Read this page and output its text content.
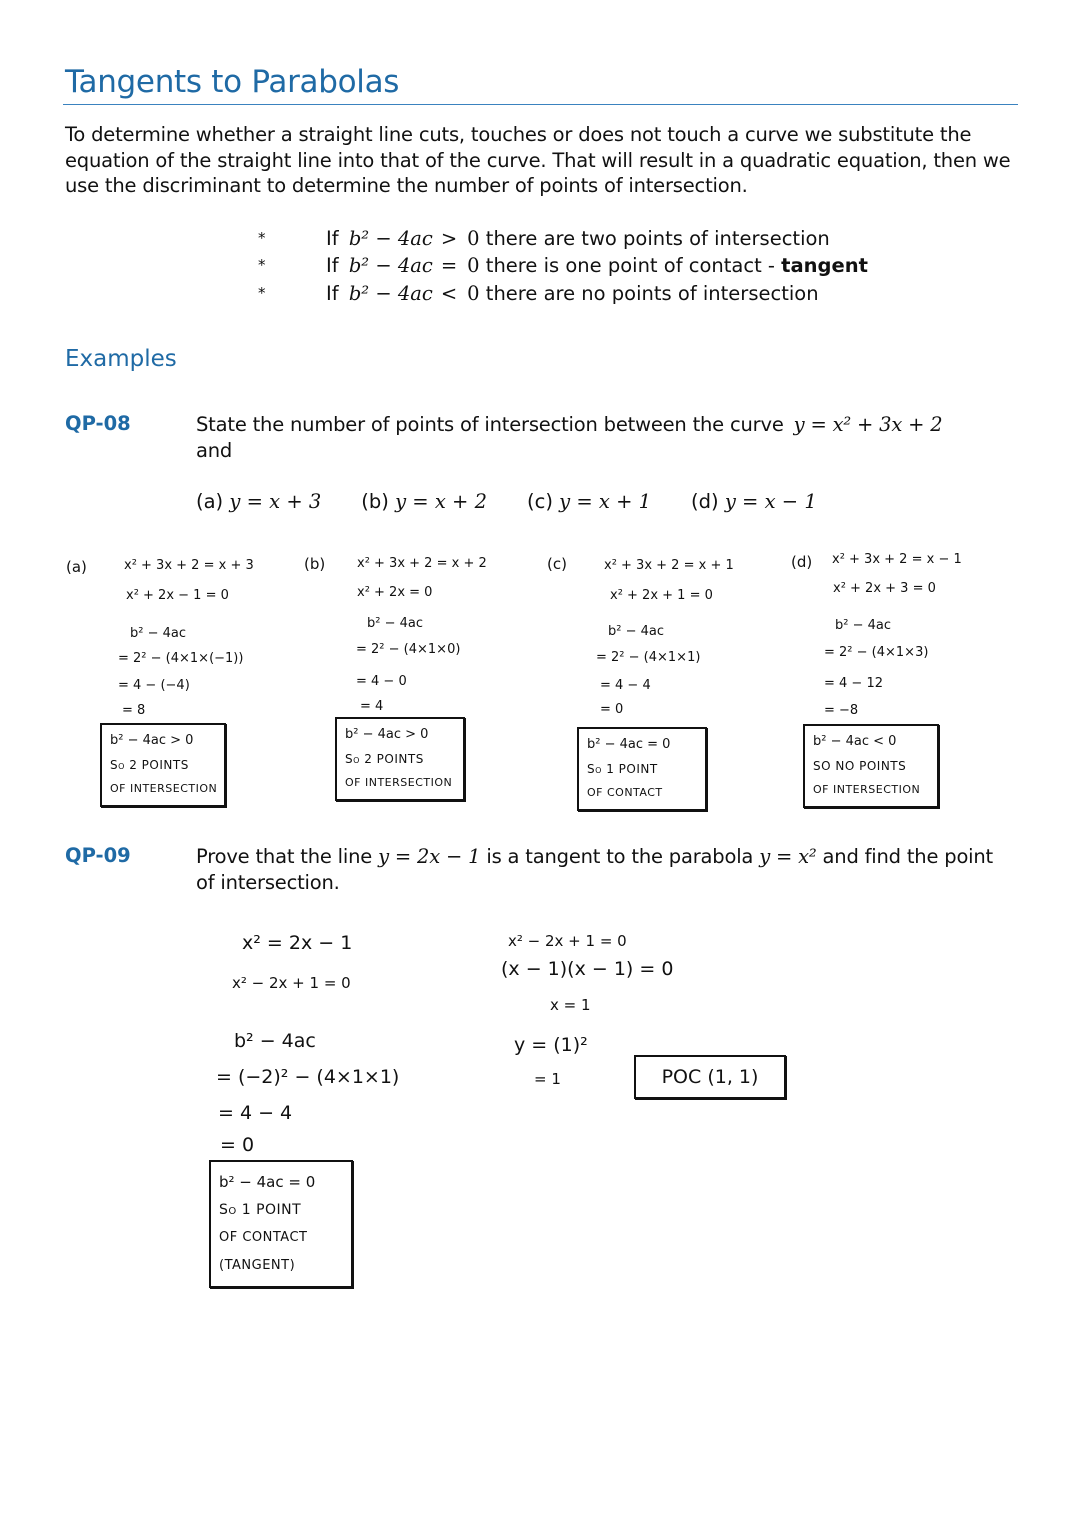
Tangents to Parabolas
To determine whether a straight line cuts, touches or does not touch a curve we substitute the equation of the straight line into that of the curve. That will result in a quadratic equation, then we use the discriminant to determine the number of points of intersection.
*	If b² − 4ac > 0 there are two points of intersection
*	If b² − 4ac = 0 there is one point of contact - tangent
*	If b² − 4ac < 0 there are no points of intersection
Examples
QP-08	State the number of points of intersection between the curve y = x² + 3x + 2
and
(a) y = x + 3 (b) y = x + 2 (c) y = x + 1 (d) y = x − 1
(a)	x² + 3x + 2 = x + 3
x² + 2x − 1 = 0
b² − 4ac
= 2² − (4×1×(−1))
= 4 − (−4)
= 8
b² − 4ac > 0
So 2 POINTS
OF INTERSECTION
(b) x² + 3x + 2 = x + 2	(c)
x² + 2x = 0
b² − 4ac
= 2² − (4×1×0)
= 4 − 0
= 4
b² − 4ac > 0
So 2 POINTS
OF INTERSECTION
x² + 3x + 2 = x + 1
x² + 2x + 1 = 0
b² − 4ac
= 2² − (4×1×1)
= 4 − 4
= 0
b² − 4ac = 0
So 1 POINT
OF CONTACT
(d) x² + 3x + 2 = x − 1
x² + 2x + 3 = 0
b² − 4ac
= 2² − (4×1×3)
= 4 − 12
= −8
b² − 4ac < 0
SO NO POINTS
OF INTERSECTION
QP-09	Prove that the line y = 2x − 1 is a tangent to the parabola y = x² and find the point of intersection.
x² = 2x − 1
x² − 2x + 1 = 0
b² − 4ac
= (−2)² − (4×1×1)
= 4 − 4
= 0
b² − 4ac = 0
So 1 POINT
OF CONTACT
(TANGENT)
x² − 2x + 1 = 0
(x − 1)(x − 1) = 0
x = 1
y = (1)²
= 1	POC (1, 1)
